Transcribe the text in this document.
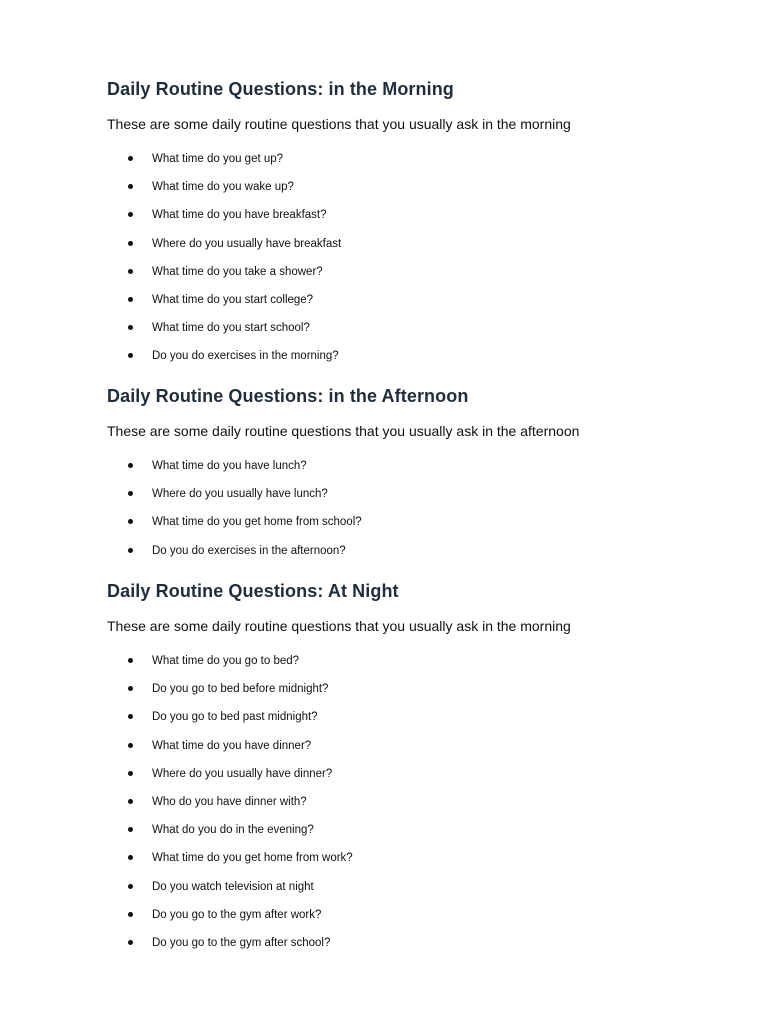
Daily Routine Questions: in the Morning

These are some daily routine questions that you usually ask in the morning

What time do you get up?
What time do you wake up?
What time do you have breakfast?
Where do you usually have breakfast
What time do you take a shower?
What time do you start college?
What time do you start school?
Do you do exercises in the morning?
Daily Routine Questions: in the Afternoon

These are some daily routine questions that you usually ask in the afternoon

What time do you have lunch?
Where do you usually have lunch?
What time do you get home from school?
Do you do exercises in the afternoon?
Daily Routine Questions: At Night

These are some daily routine questions that you usually ask in the morning

What time do you go to bed?
Do you go to bed before midnight?
Do you go to bed past midnight?
What time do you have dinner?
Where do you usually have dinner?
Who do you have dinner with?
What do you do in the evening?
What time do you get home from work?
Do you watch television at night
Do you go to the gym after work?
Do you go to the gym after school?
